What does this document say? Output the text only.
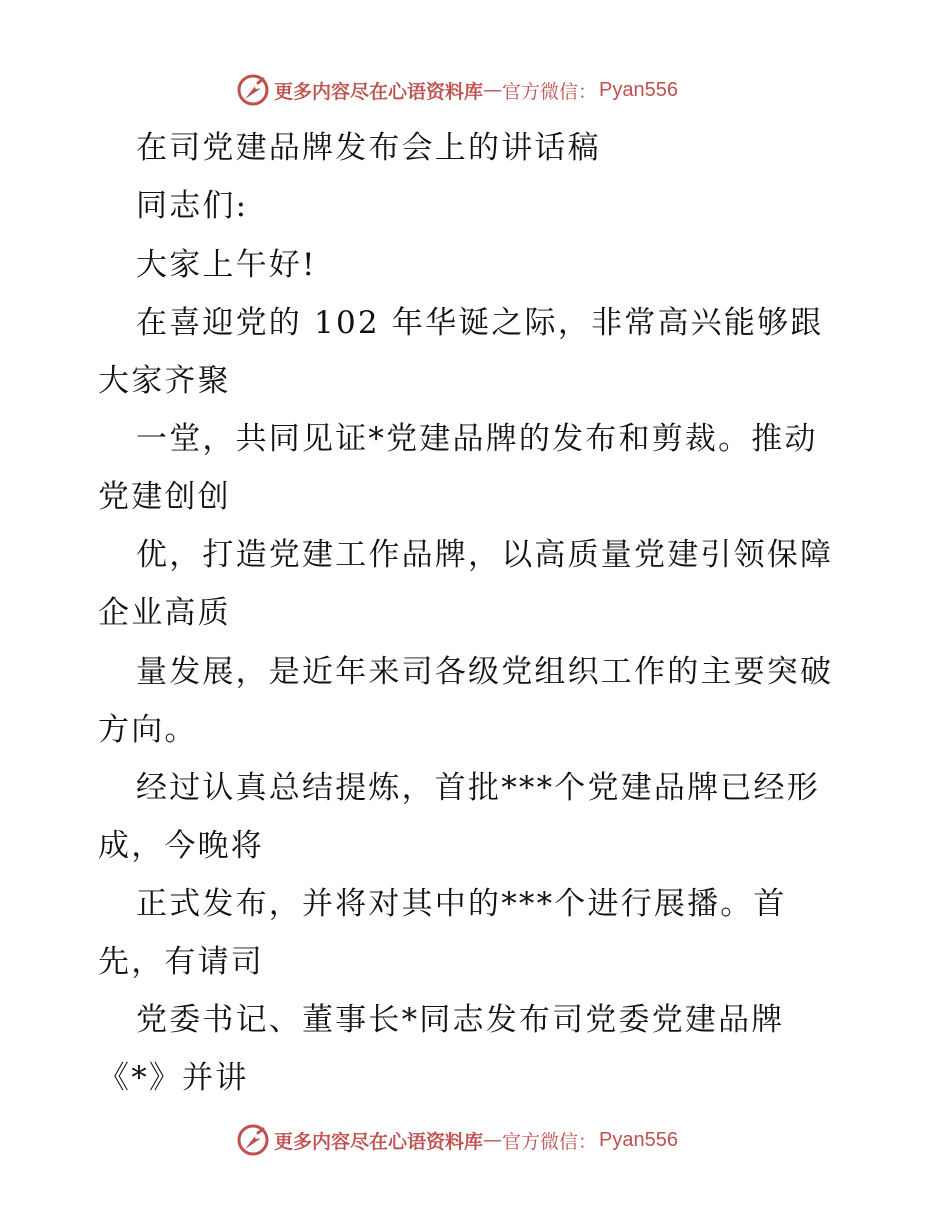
更多内容尽在心语资料库 — 官方微信： Pyan556
在司党建品牌发布会上的讲话稿
同志们:
大家上午好!
在喜迎党的 102 年华诞之际，非常高兴能够跟
大家齐聚
一堂，共同见证*党建品牌的发布和剪裁。推动
党建创创
优，打造党建工作品牌，以高质量党建引领保障
企业高质
量发展，是近年来司各级党组织工作的主要突破
方向。
经过认真总结提炼，首批***个党建品牌已经形
成，今晚将
正式发布，并将对其中的***个进行展播。首
先，有请司
党委书记、董事长*同志发布司党委党建品牌
《*》并讲
更多内容尽在心语资料库 — 官方微信： Pyan556
